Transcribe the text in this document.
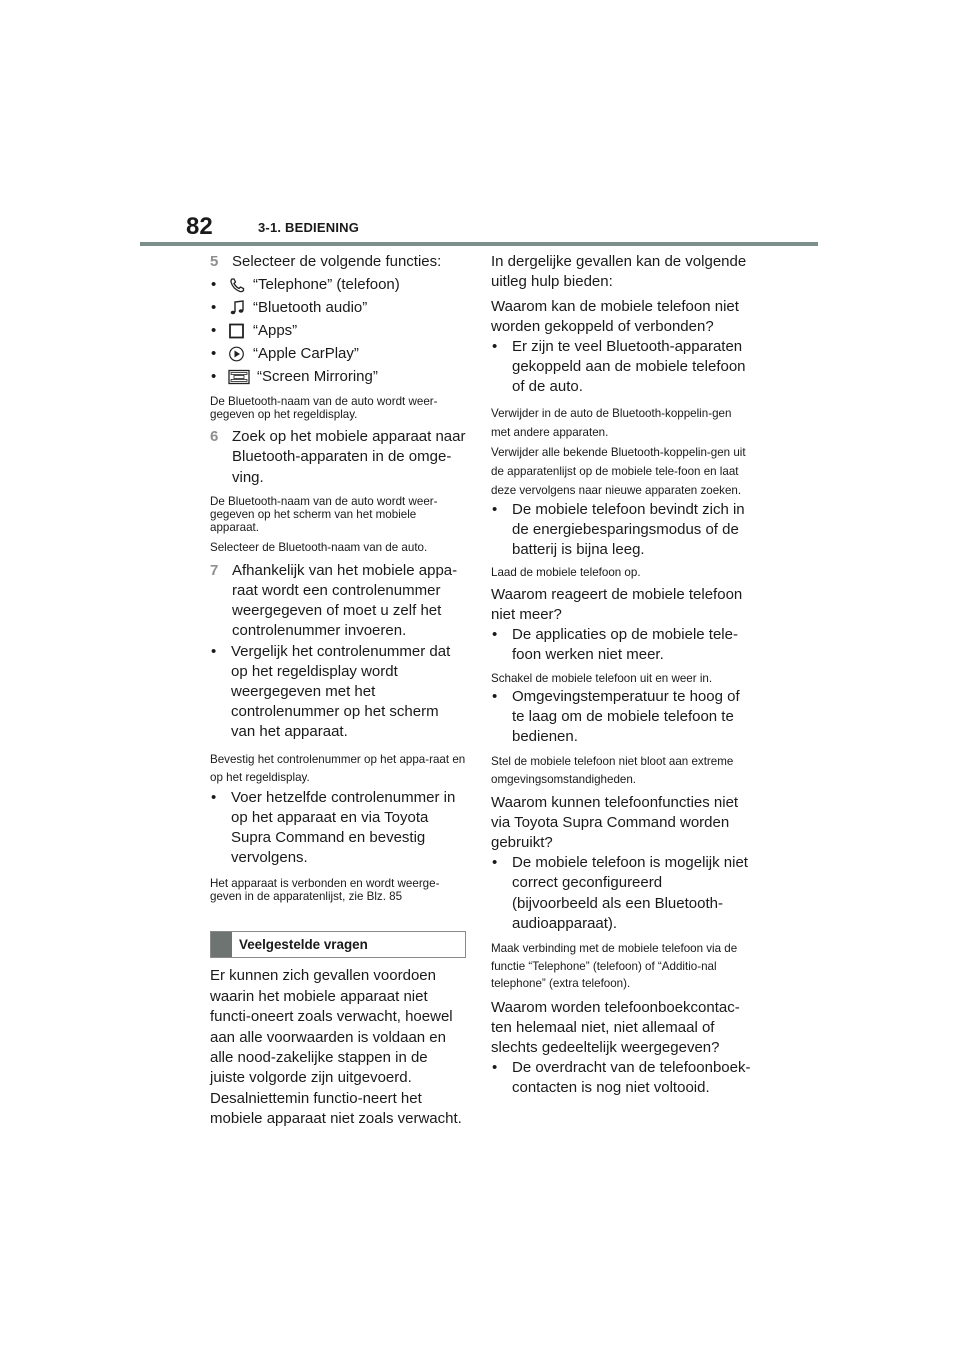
82	3-1. BEDIENING
5 Selecteer de volgende functies:
•	“Telephone” (telefoon)
•	“Bluetooth audio”
•	“Apps”
•	“Apple CarPlay”
•	“Screen Mirroring”

De Bluetooth-naam van de auto wordt weer-gegeven op het regeldisplay.

6 Zoek op het mobiele apparaat naar Bluetooth-apparaten in de omge-ving.

De Bluetooth-naam van de auto wordt weer-gegeven op het scherm van het mobiele apparaat.

Selecteer de Bluetooth-naam van de auto.

7 Afhankelijk van het mobiele appa-raat wordt een controlenummer weergegeven of moet u zelf het controlenummer invoeren.
• Vergelijk het controlenummer dat op het regeldisplay wordt weergegeven met het controlenummer op het scherm van het apparaat.

Bevestig het controlenummer op het appa-raat en op het regeldisplay.

• Voer hetzelfde controlenummer in op het apparaat en via Toyota Supra Command en bevestig vervolgens.

Het apparaat is verbonden en wordt weerge-geven in de apparatenlijst, zie Blz. 85

Veelgestelde vragen

Er kunnen zich gevallen voordoen waarin het mobiele apparaat niet functi-oneert zoals verwacht, hoewel aan alle voorwaarden is voldaan en alle nood-zakelijke stappen in de juiste volgorde zijn uitgevoerd. Desalniettemin functio-neert het mobiele apparaat niet zoals verwacht.

In dergelijke gevallen kan de volgende uitleg hulp bieden:

Waarom kan de mobiele telefoon niet worden gekoppeld of verbonden?

• Er zijn te veel Bluetooth-apparaten gekoppeld aan de mobiele telefoon of de auto.

Verwijder in de auto de Bluetooth-koppelin-gen met andere apparaten.

Verwijder alle bekende Bluetooth-koppelin-gen uit de apparatenlijst op de mobiele tele-foon en laat deze vervolgens naar nieuwe apparaten zoeken.

• De mobiele telefoon bevindt zich in de energiebesparingsmodus of de batterij is bijna leeg.

Laad de mobiele telefoon op.

Waarom reageert de mobiele telefoon niet meer?

• De applicaties op de mobiele tele-foon werken niet meer.

Schakel de mobiele telefoon uit en weer in.

• Omgevingstemperatuur te hoog of te laag om de mobiele telefoon te bedienen.

Stel de mobiele telefoon niet bloot aan extreme omgevingsomstandigheden.

Waarom kunnen telefoonfuncties niet via Toyota Supra Command worden gebruikt?

• De mobiele telefoon is mogelijk niet correct geconfigureerd (bijvoorbeeld als een Bluetooth-audioapparaat).

Maak verbinding met de mobiele telefoon via de functie “Telephone” (telefoon) of “Additio-nal telephone” (extra telefoon).

Waarom worden telefoonboekcontac-ten helemaal niet, niet allemaal of slechts gedeeltelijk weergegeven?

• De overdracht van de telefoonboek-contacten is nog niet voltooid.
